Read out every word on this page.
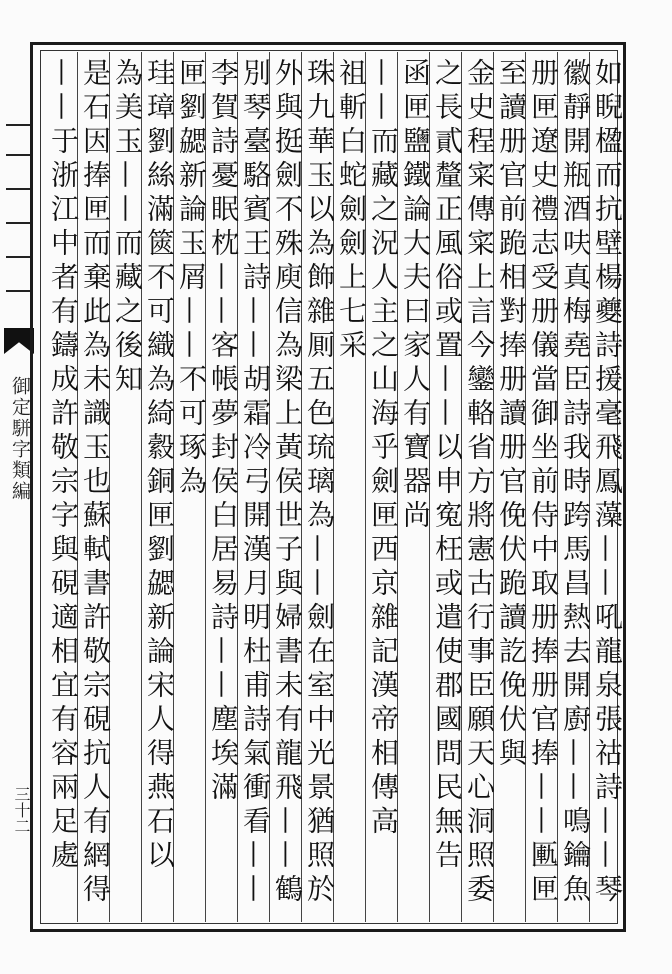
御定駢字類編
三十二	如睨楹而抗壁楊夔詩援毫飛鳳藻——吼龍泉張祜詩——琴
徽靜開瓶酒呋真梅堯臣詩我時跨馬昌熱去開廚——鳴鑰魚
册匣遼史禮志受册儀當御坐前侍中取册捧册官捧——匭匣
至讀册官前跪相對捧册讀册官俛伏跪讀訖俛伏與
金史程寀傳寀上言今鑾輅省方將憲古行事臣願天心洞照委
之長貳釐正風俗或置——以申寃枉或遣使郡國問民無告
函匣鹽鐵論大夫曰家人有寶器尚
——而藏之況人主之山海乎劍匣西京雜記漢帝相傳高
祖斬白蛇劍劍上七采
珠九華玉以為飾雜厠五色琉璃為——劍在室中光景猶照於
外與挺劍不殊庾信為梁上黃侯世子與婦書未有龍飛——鶴
別琴臺駱賓王詩——胡霜冷弓開漢月明杜甫詩氣衝看——
李賀詩憂眠枕——客帳夢封侯白居易詩——塵埃滿
匣劉勰新論玉屑——不可琢為
珪璋劉絲滿篋不可織為綺縠銅匣劉勰新論宋人得燕石以
為美玉——而藏之後知
是石因捧匣而棄此為未識玉也蘇軾書許敬宗硯抗人有網得
——于浙江中者有鑄成許敬宗字與硯適相宜有容兩足處
